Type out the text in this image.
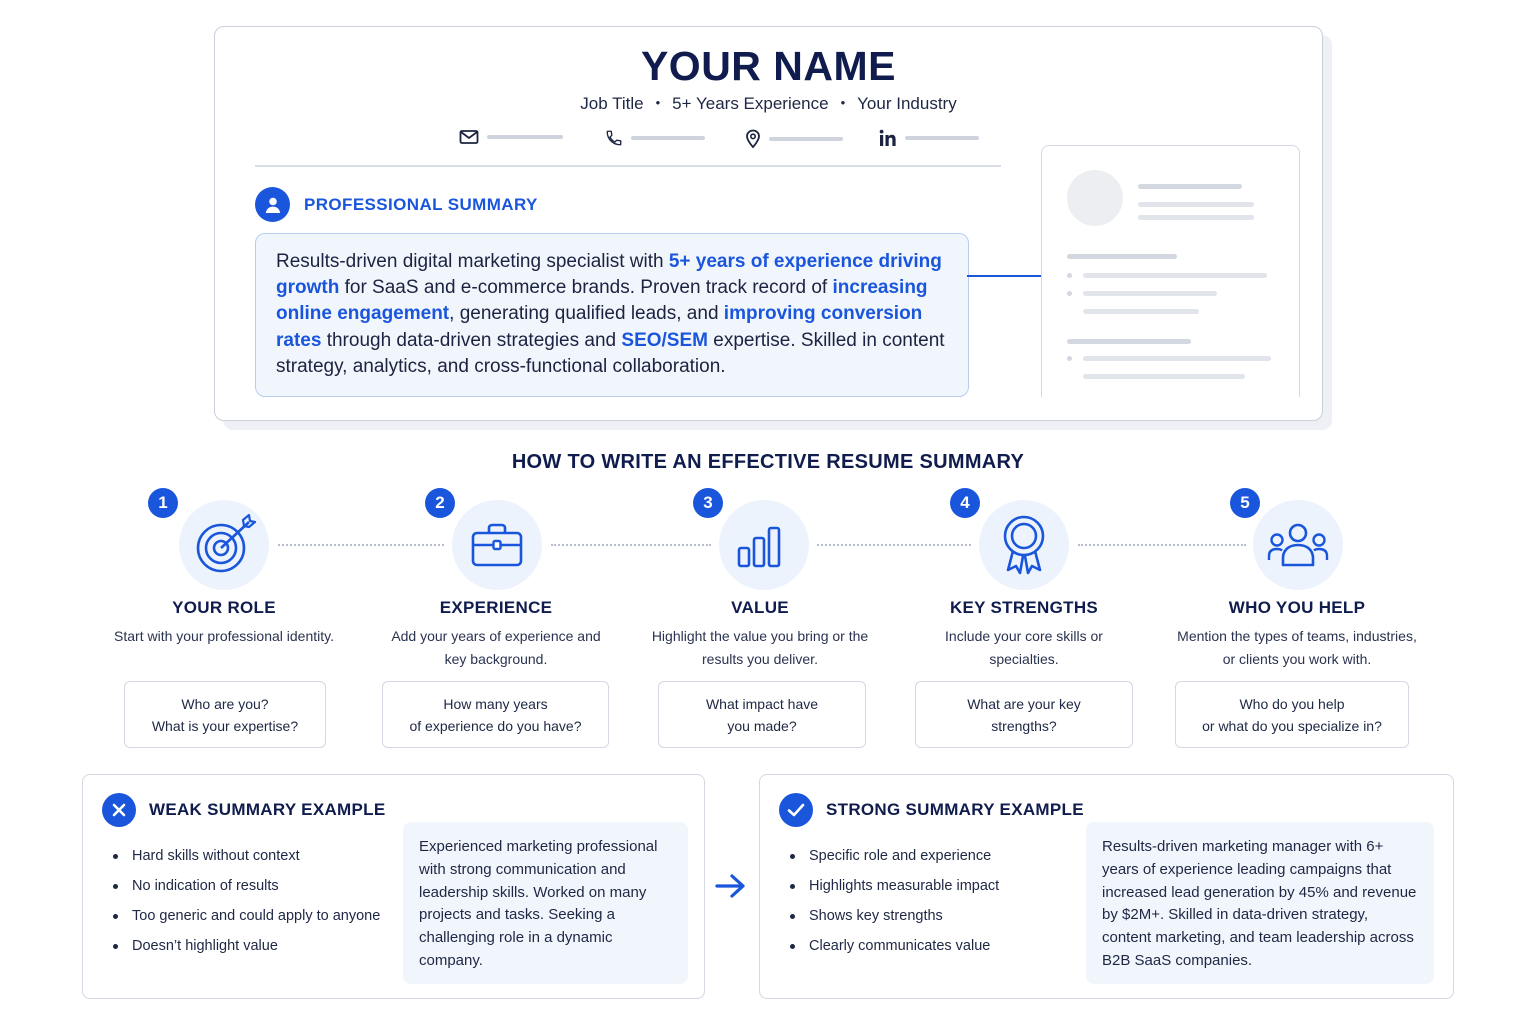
YOUR NAME
Job Title • 5+ Years Experience • Your Industry
PROFESSIONAL SUMMARY
Results-driven digital marketing specialist with 5+ years of experience driving growth for SaaS and e-commerce brands. Proven track record of increasing online engagement, generating qualified leads, and improving conversion rates through data-driven strategies and SEO/SEM expertise. Skilled in content strategy, analytics, and cross-functional collaboration.
HOW TO WRITE AN EFFECTIVE RESUME SUMMARY
1
YOUR ROLE
Start with your professional identity.
Who are you?
What is your expertise?
2
EXPERIENCE
Add your years of experience and key background.
How many years
of experience do you have?
3
VALUE
Highlight the value you bring or the results you deliver.
What impact have
you made?
4
KEY STRENGTHS
Include your core skills or specialties.
What are your key
strengths?
5
WHO YOU HELP
Mention the types of teams, industries, or clients you work with.
Who do you help
or what do you specialize in?
WEAK SUMMARY EXAMPLE
Hard skills without context
No indication of results
Too generic and could apply to anyone
Doesn’t highlight value
Experienced marketing professional with strong communication and leadership skills. Worked on many projects and tasks. Seeking a challenging role in a dynamic company.
STRONG SUMMARY EXAMPLE
Specific role and experience
Highlights measurable impact
Shows key strengths
Clearly communicates value
Results-driven marketing manager with 6+ years of experience leading campaigns that increased lead generation by 45% and revenue by $2M+. Skilled in data-driven strategy, content marketing, and team leadership across B2B SaaS companies.
